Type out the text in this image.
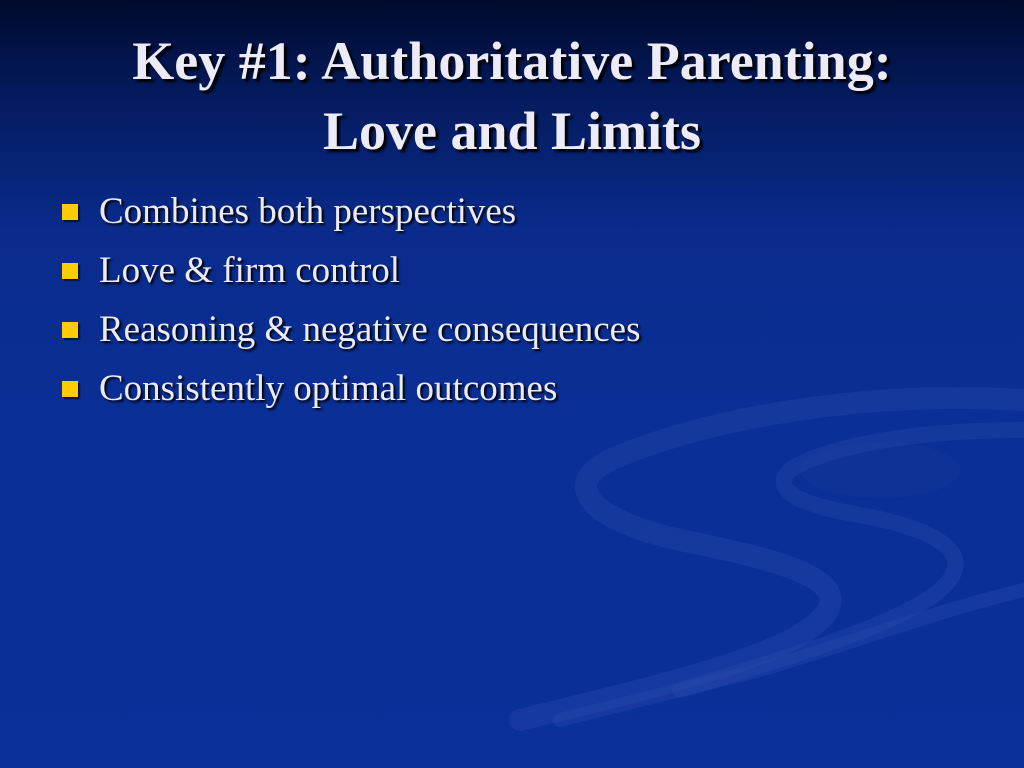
Key #1: Authoritative Parenting:
Love and Limits
Combines both perspectives
Love & firm control
Reasoning & negative consequences
Consistently optimal outcomes
